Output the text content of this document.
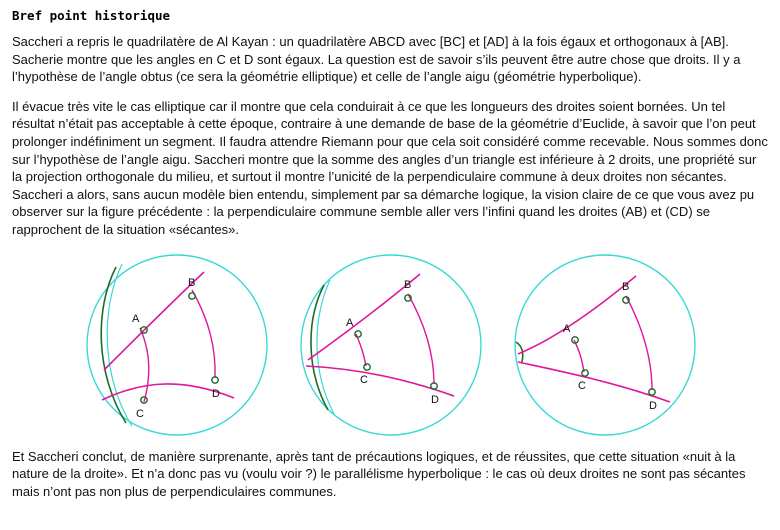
Bref point historique

Saccheri a repris le quadrilatère de Al Kayan : un quadrilatère ABCD avec [BC] et [AD] à la fois égaux et orthogonaux à [AB]. Sacherie montre que les angles en C et D sont égaux. La question est de savoir s’ils peuvent être autre chose que droits. Il y a l’hypothèse de l’angle obtus (ce sera la géométrie elliptique) et celle de l’angle aigu (géométrie hyperbolique).

Il évacue très vite le cas elliptique car il montre que cela conduirait à ce que les longueurs des droites soient bornées. Un tel résultat n’était pas acceptable à cette époque, contraire à une demande de base de la géométrie d’Euclide, à savoir que l’on peut prolonger indéfiniment un segment. Il faudra attendre Riemann pour que cela soit considéré comme recevable. Nous sommes donc sur l’hypothèse de l’angle aigu. Saccheri montre que la somme des angles d’un triangle est inférieure à 2 droits, une propriété sur la projection orthogonale du milieu, et surtout il montre l’unicité de la perpendiculaire commune à deux droites non sécantes. Saccheri a alors, sans aucun modèle bien entendu, simplement par sa démarche logique, la vision claire de ce que vous avez pu observer sur la figure précédente : la perpendiculaire commune semble aller vers l’infini quand les droites (AB) et (CD) se rapprochent de la situation «sécantes».

B
A
C
D
B
A
C
D
B
A
C
D

Et Saccheri conclut, de manière surprenante, après tant de précautions logiques, et de réussites, que cette situation «nuit à la nature de la droite». Et n’a donc pas vu (voulu voir ?) le parallélisme hyperbolique : le cas où deux droites ne sont pas sécantes mais n’ont pas non plus de perpendiculaires communes.
